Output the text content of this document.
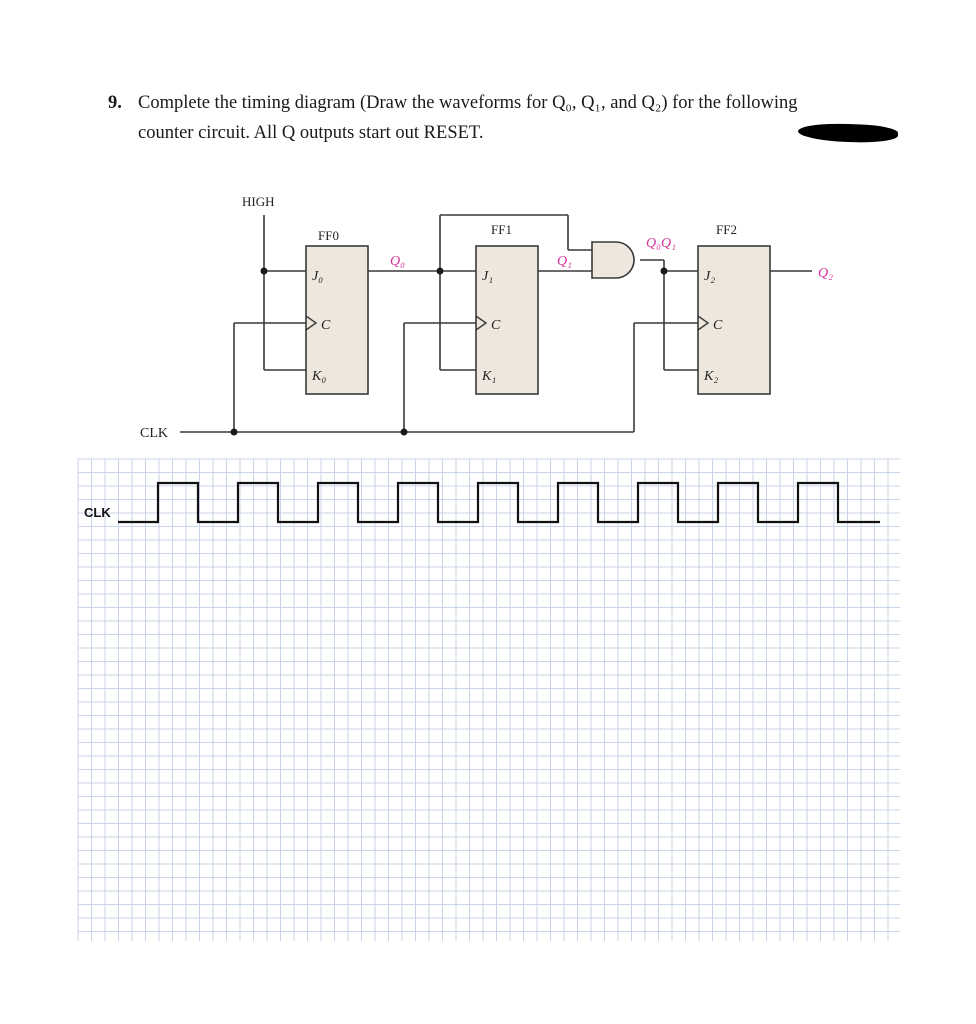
9. Complete the timing diagram (Draw the waveforms for Q₀, Q₁, and Q₂) for the following
counter circuit. All Q outputs start out RESET.
HIGH
CLK
FF0	FF1	FF2
J₀
C
K₀
J₁
C
K₁
J₂
C
K₂
Q₀	Q₁
Q₀Q₁
Q₂
CLK
